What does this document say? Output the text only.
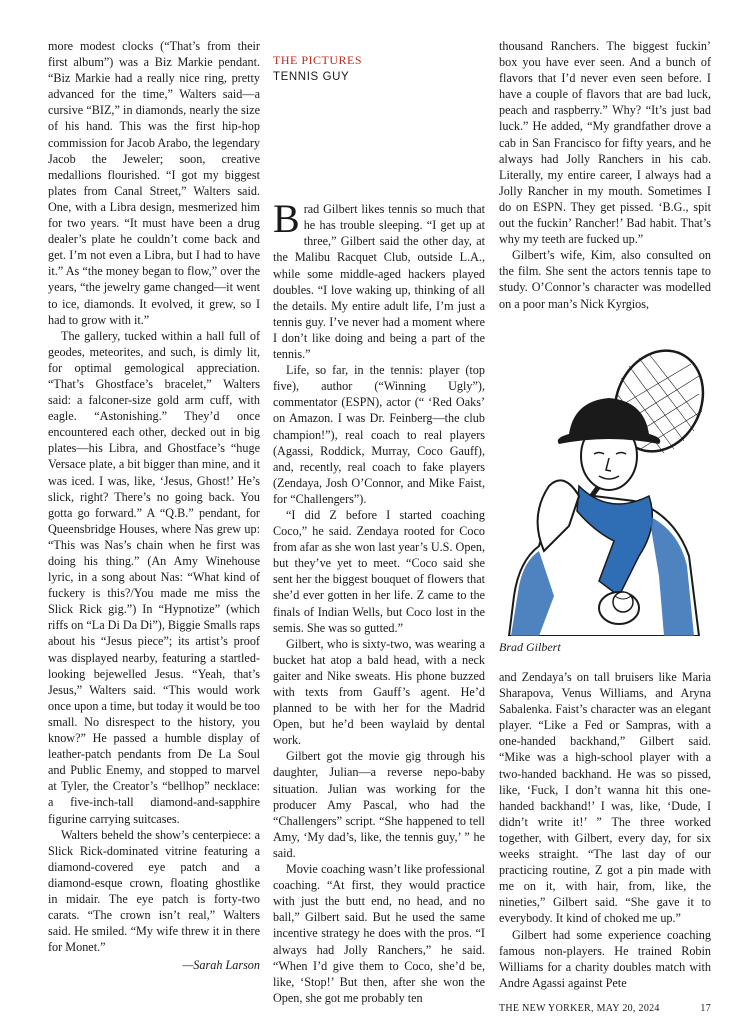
more modest clocks (“That’s from their first album”) was a Biz Markie pendant. “Biz Markie had a really nice ring, pretty advanced for the time,” Walters said—a cursive “BIZ,” in diamonds, nearly the size of his hand. This was the first hip-hop commission for Jacob Arabo, the legendary Jacob the Jeweler; soon, creative medallions flourished. “I got my biggest plates from Canal Street,” Walters said. One, with a Libra design, mesmerized him for two years. “It must have been a drug dealer’s plate he couldn’t come back and get. I’m not even a Libra, but I had to have it.” As “the money began to flow,” over the years, “the jewelry game changed—it went to ice, diamonds. It evolved, it grew, so I had to grow with it.”

The gallery, tucked within a hall full of geodes, meteorites, and such, is dimly lit, for optimal gemological appreciation. “That’s Ghostface’s bracelet,” Walters said: a falconer-size gold arm cuff, with eagle. “Astonishing.” They’d once encountered each other, decked out in big plates—his Libra, and Ghostface’s “huge Versace plate, a bit bigger than mine, and it was iced. I was, like, ‘Jesus, Ghost!’ He’s slick, right? There’s no going back. You gotta go forward.” A “Q.B.” pendant, for Queensbridge Houses, where Nas grew up: “This was Nas’s chain when he first was doing his thing.” (An Amy Winehouse lyric, in a song about Nas: “What kind of fuckery is this?/You made me miss the Slick Rick gig.”) In “Hypnotize” (which riffs on “La Di Da Di”), Biggie Smalls raps about his “Jesus piece”; its artist’s proof was displayed nearby, featuring a startled-looking bejewelled Jesus. “Yeah, that’s Jesus,” Walters said. “This would work once upon a time, but today it would be too small. No disrespect to the history, you know?” He passed a humble display of leather-patch pendants from De La Soul and Public Enemy, and stopped to marvel at Tyler, the Creator’s “bellhop” necklace: a five-inch-tall diamond-and-sapphire figurine carrying suitcases.

Walters beheld the show’s centerpiece: a Slick Rick-dominated vitrine featuring a diamond-covered eye patch and a diamond-esque crown, floating ghostlike in midair. The eye patch is forty-two carats. “The crown isn’t real,” Walters said. He smiled. “My wife threw it in there for Monet.”

—Sarah Larson
THE PICTURES
TENNIS GUY

Brad Gilbert likes tennis so much that he has trouble sleeping. “I get up at three,” Gilbert said the other day, at the Malibu Racquet Club, outside L.A., while some middle-aged hackers played doubles. “I love waking up, thinking of all the details. My entire adult life, I’m just a tennis guy. I’ve never had a moment where I don’t like doing and being a part of the tennis.”

Life, so far, in the tennis: player (top five), author (“Winning Ugly”), commentator (ESPN), actor (“ ‘Red Oaks’ on Amazon. I was Dr. Feinberg—the club champion!”), real coach to real players (Agassi, Roddick, Murray, Coco Gauff), and, recently, real coach to fake players (Zendaya, Josh O’Connor, and Mike Faist, for “Challengers”).

“I did Z before I started coaching Coco,” he said. Zendaya rooted for Coco from afar as she won last year’s U.S. Open, but they’ve yet to meet. “Coco said she sent her the biggest bouquet of flowers that she’d ever gotten in her life. Z came to the finals of Indian Wells, but Coco lost in the semis. She was so gutted.”

Gilbert, who is sixty-two, was wearing a bucket hat atop a bald head, with a neck gaiter and Nike sweats. His phone buzzed with texts from Gauff’s agent. He’d planned to be with her for the Madrid Open, but he’d been waylaid by dental work.

Gilbert got the movie gig through his daughter, Julian—a reverse nepo-baby situation. Julian was working for the producer Amy Pascal, who had the “Challengers” script. “She happened to tell Amy, ‘My dad’s, like, the tennis guy,’ ” he said.

Movie coaching wasn’t like professional coaching. “At first, they would practice with just the butt end, no head, and no ball,” Gilbert said. But he used the same incentive strategy he does with the pros. “I always had Jolly Ranchers,” he said. “When I’d give them to Coco, she’d be, like, ‘Stop!’ But then, after she won the Open, she got me probably ten

thousand Ranchers. The biggest fuckin’ box you have ever seen. And a bunch of flavors that I’d never even seen before. I have a couple of flavors that are bad luck, peach and raspberry.” Why? “It’s just bad luck.” He added, “My grandfather drove a cab in San Francisco for fifty years, and he always had Jolly Ranchers in his cab. Literally, my entire career, I always had a Jolly Rancher in my mouth. Sometimes I do on ESPN. They get pissed. ‘B.G., spit out the fuckin’ Rancher!’ Bad habit. That’s why my teeth are fucked up.”

Gilbert’s wife, Kim, also consulted on the film. She sent the actors tennis tape to study. O’Connor’s character was modelled on a poor man’s Nick Kyrgios,

Brad Gilbert

and Zendaya’s on tall bruisers like Maria Sharapova, Venus Williams, and Aryna Sabalenka. Faist’s character was an elegant player. “Like a Fed or Sampras, with a one-handed backhand,” Gilbert said. “Mike was a high-school player with a two-handed backhand. He was so pissed, like, ‘Fuck, I don’t wanna hit this one-handed backhand!’ I was, like, ‘Dude, I didn’t write it!’ ” The three worked together, with Gilbert, every day, for six weeks straight. “The last day of our practicing routine, Z got a pin made with me on it, with hair, from, like, the nineties,” Gilbert said. “She gave it to everybody. It kind of choked me up.”

Gilbert had some experience coaching famous non-players. He trained Robin Williams for a charity doubles match with Andre Agassi against Pete

THE NEW YORKER, MAY 20, 2024	17
